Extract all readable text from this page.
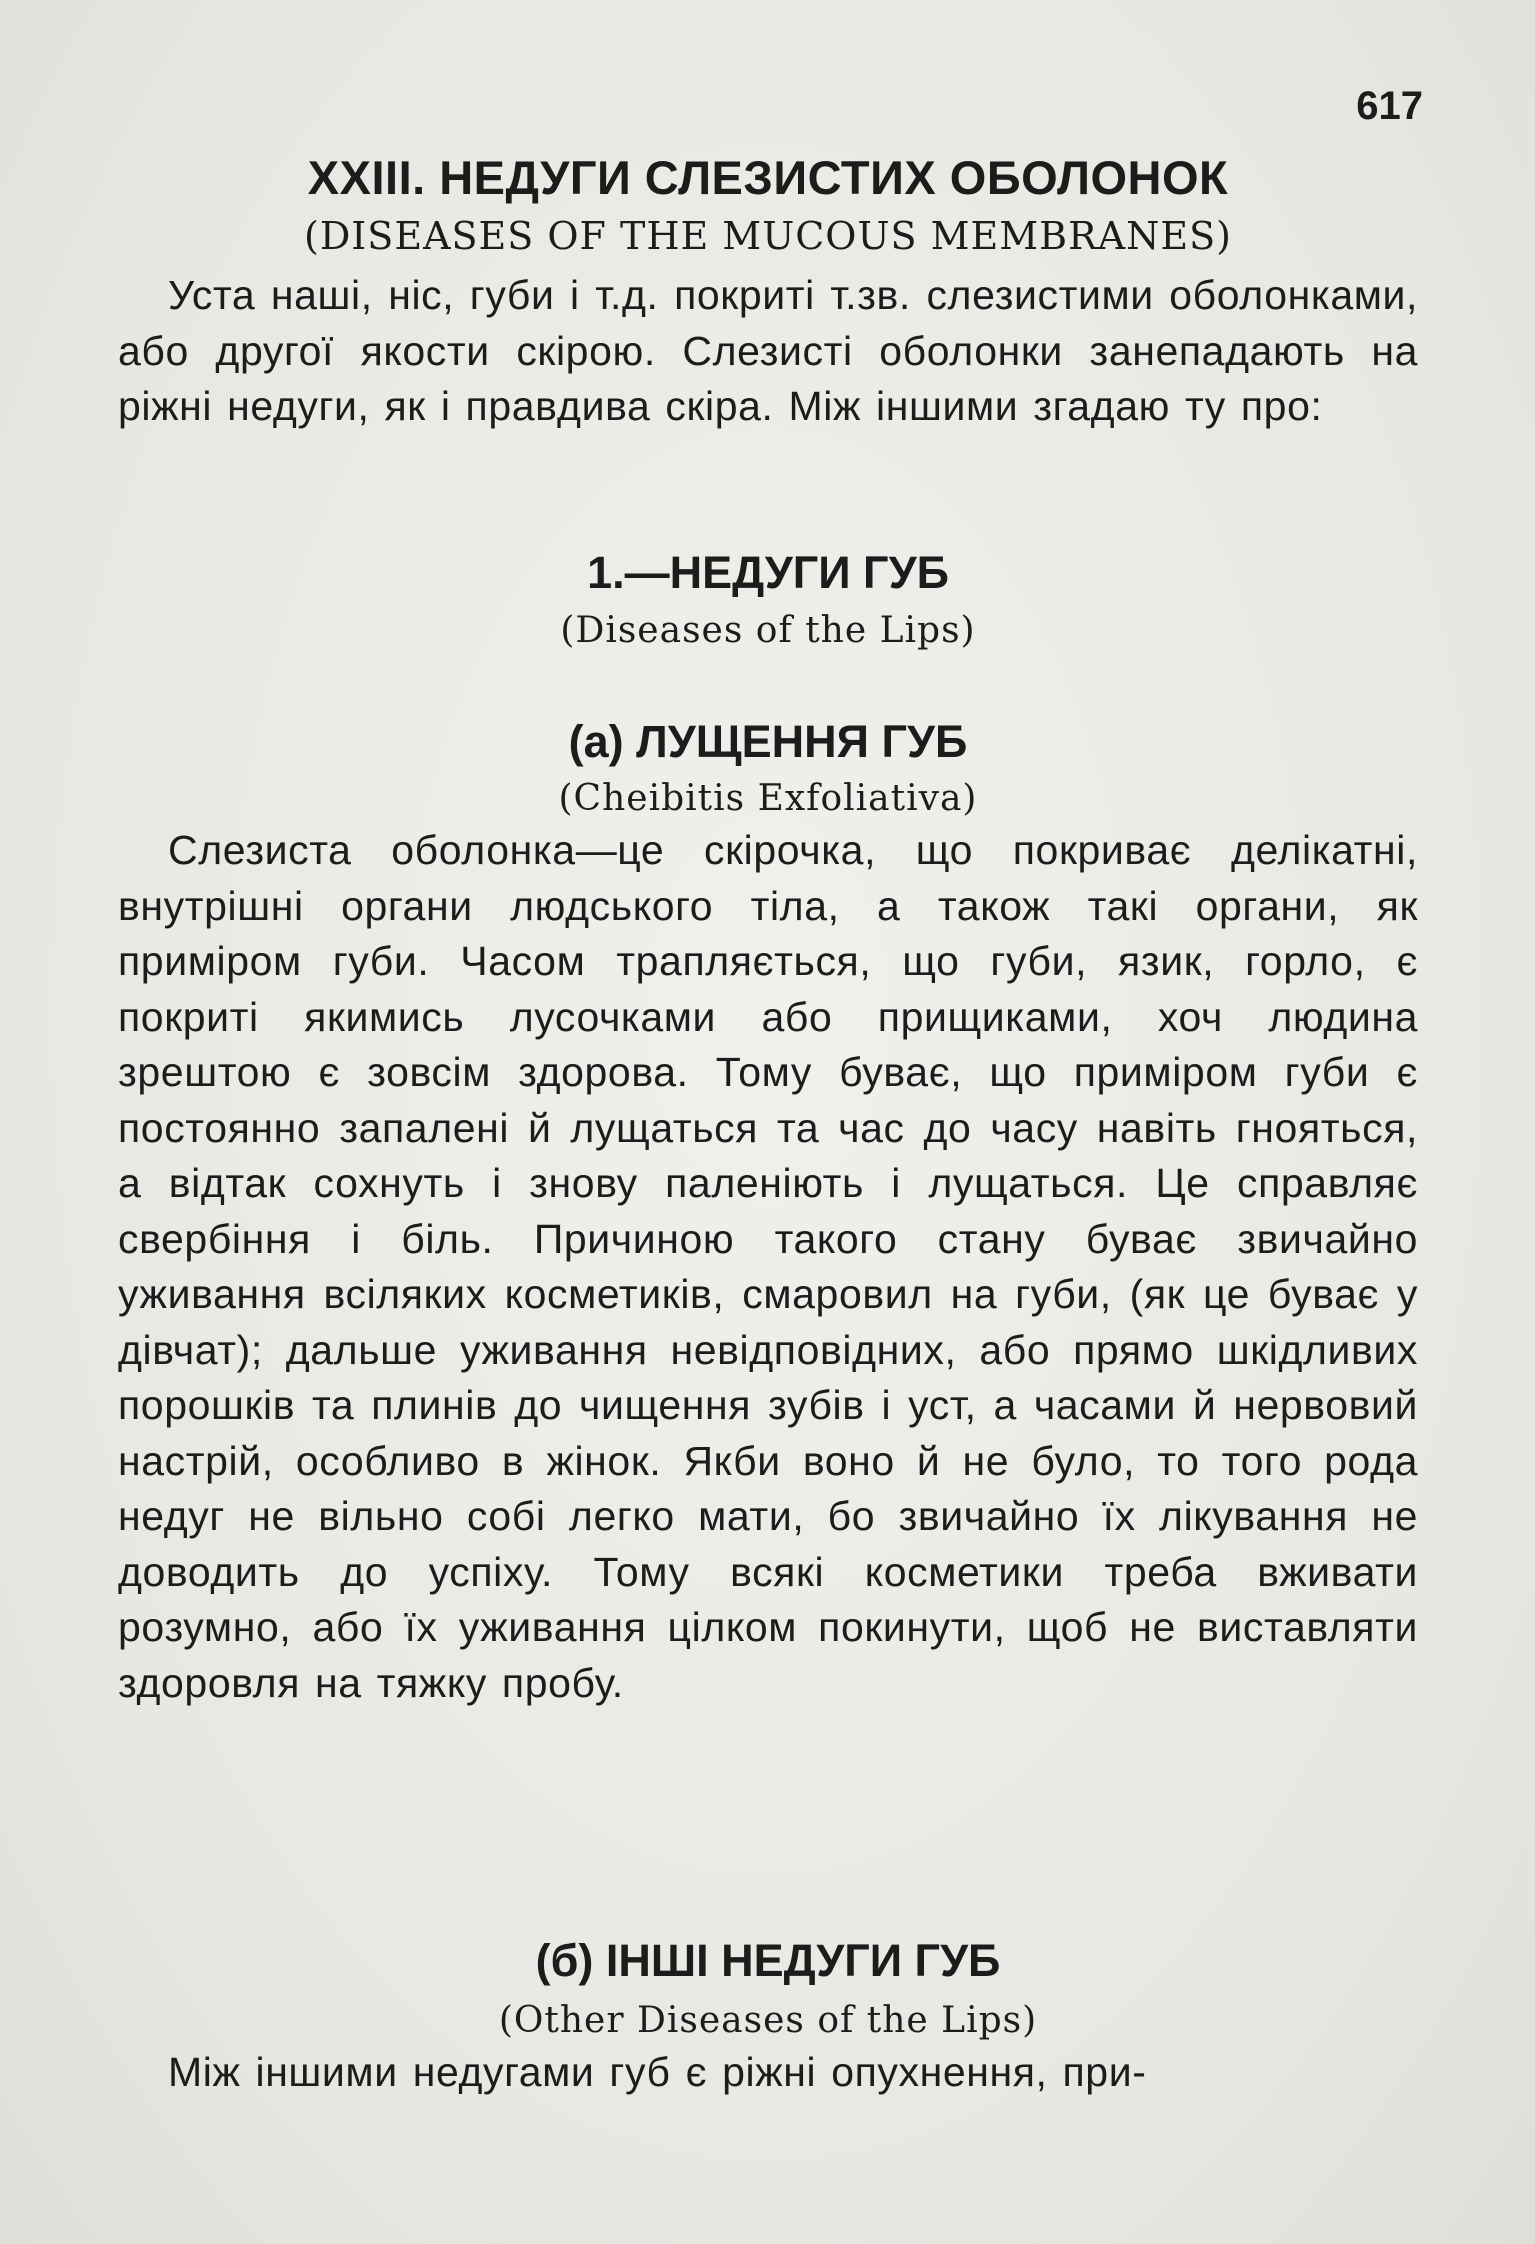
617
XXIII. НЕДУГИ СЛЕЗИСТИХ ОБОЛОНОК
(DISEASES OF THE MUCOUS MEMBRANES)

Уста наші, ніс, губи і т.д. покриті т.зв. слезистими оболонками, або другої якости скірою. Слезисті оболонки занепадають на ріжні недуги, як і правдива скіра. Між іншими згадаю ту про:

1.—НЕДУГИ ГУБ
(Diseases of the Lips)
(а) ЛУЩЕННЯ ГУБ
(Cheibitis Exfoliativa)

Слезиста оболонка—це скірочка, що покриває делікатні, внутрішні органи людського тіла, а також такі органи, як приміром губи. Часом трапляється, що губи, язик, горло, є покриті якимись лусочками або прищиками, хоч людина зрештою є зовсім здорова. Тому буває, що приміром губи є постоянно запалені й лущаться та час до часу навіть гнояться, а відтак сохнуть і знову паленіють і лущаться. Це справляє свербіння і біль. Причиною такого стану буває звичайно уживання всіляких косметиків, смаровил на губи, (як це буває у дівчат); дальше уживання невідповідних, або прямо шкідливих порошків та плинів до чищення зубів і уст, а часами й нервовий настрій, особливо в жінок. Якби воно й не було, то того рода недуг не вільно собі легко мати, бо звичайно їх лікування не доводить до успіху. Тому всякі косметики треба вживати розумно, або їх уживання цілком покинути, щоб не виставляти здоровля на тяжку пробу.

(б) ІНШІ НЕДУГИ ГУБ
(Other Diseases of the Lips)

Між іншими недугами губ є ріжні опухнення, при-
